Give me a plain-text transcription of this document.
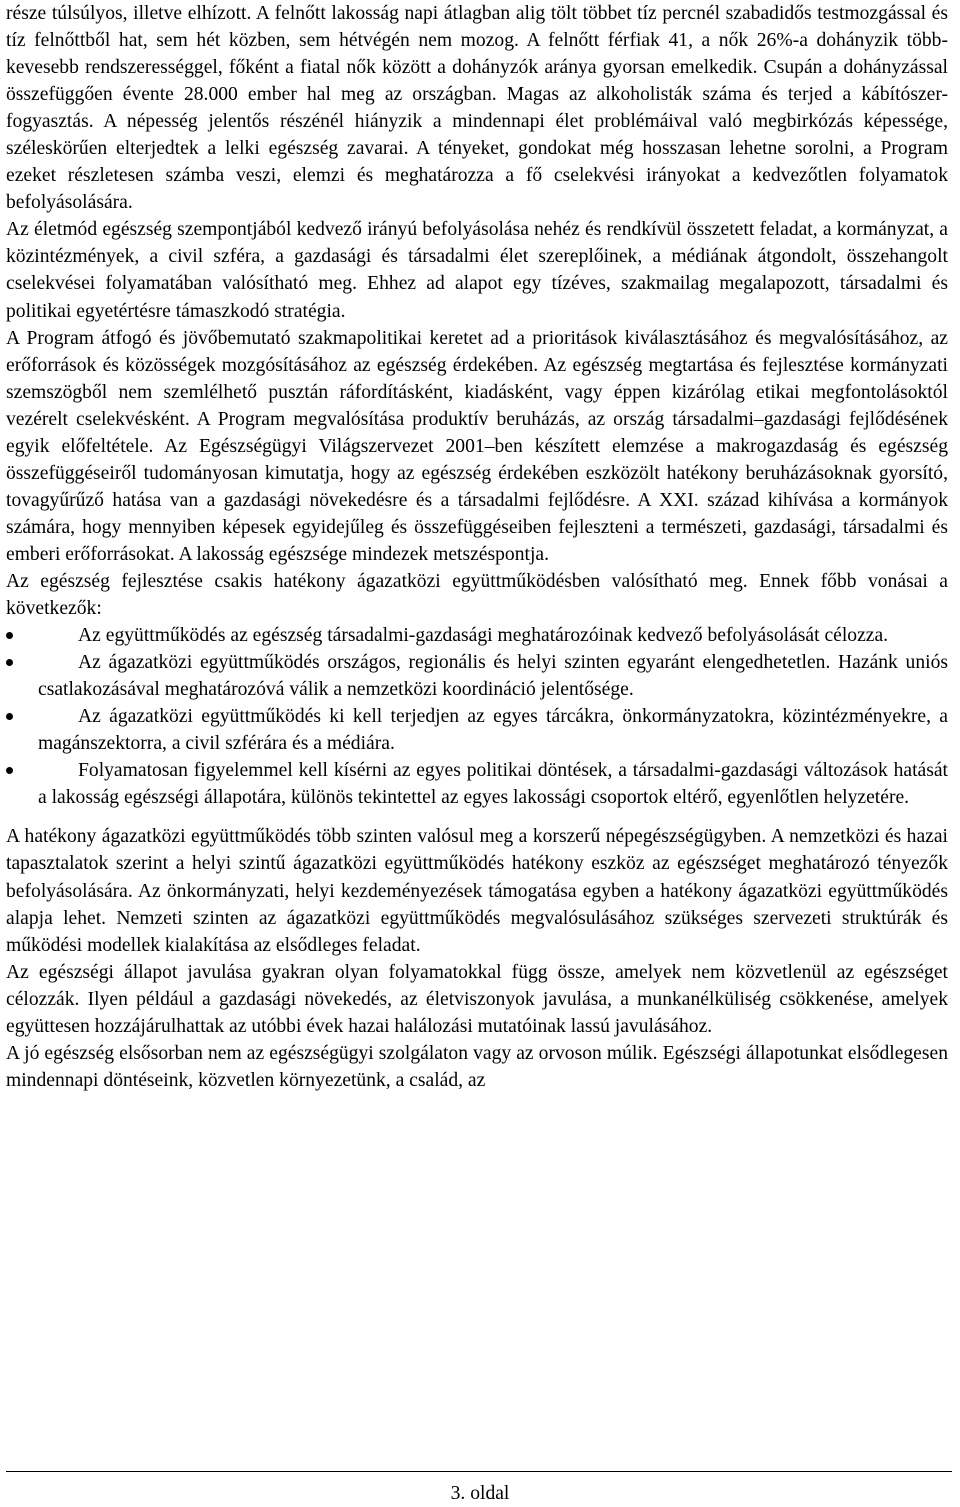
része túlsúlyos, illetve elhízott. A felnőtt lakosság napi átlagban alig tölt többet tíz percnél szabadidős testmozgással és tíz felnőttből hat, sem hét közben, sem hétvégén nem mozog. A felnőtt férfiak 41, a nők 26%-a dohányzik több-kevesebb rendszerességgel, főként a fiatal nők között a dohányzók aránya gyorsan emelkedik. Csupán a dohányzással összefüggően évente 28.000 ember hal meg az országban. Magas az alkoholisták száma és terjed a kábítószer-fogyasztás. A népesség jelentős részénél hiányzik a mindennapi élet problémáival való megbirkózás képessége, széleskörűen elterjedtek a lelki egészség zavarai. A tényeket, gondokat még hosszasan lehetne sorolni, a Program ezeket részletesen számba veszi, elemzi és meghatározza a fő cselekvési irányokat a kedvezőtlen folyamatok befolyásolására.

Az életmód egészség szempontjából kedvező irányú befolyásolása nehéz és rendkívül összetett feladat, a kormányzat, a közintézmények, a civil szféra, a gazdasági és társadalmi élet szereplőinek, a médiának átgondolt, összehangolt cselekvései folyamatában valósítható meg. Ehhez ad alapot egy tízéves, szakmailag megalapozott, társadalmi és politikai egyetértésre támaszkodó stratégia.

A Program átfogó és jövőbemutató szakmapolitikai keretet ad a prioritások kiválasztásához és megvalósításához, az erőforrások és közösségek mozgósításához az egészség érdekében. Az egészség megtartása és fejlesztése kormányzati szemszögből nem szemlélhető pusztán ráfordításként, kiadásként, vagy éppen kizárólag etikai megfontolásoktól vezérelt cselekvésként. A Program megvalósítása produktív beruházás, az ország társadalmi–gazdasági fejlődésének egyik előfeltétele. Az Egészségügyi Világszervezet 2001–ben készített elemzése a makrogazdaság és egészség összefüggéseiről tudományosan kimutatja, hogy az egészség érdekében eszközölt hatékony beruházásoknak gyorsító, tovagyűrűző hatása van a gazdasági növekedésre és a társadalmi fejlődésre. A XXI. század kihívása a kormányok számára, hogy mennyiben képesek egyidejűleg és összefüggéseiben fejleszteni a természeti, gazdasági, társadalmi és emberi erőforrásokat. A lakosság egészsége mindezek metszéspontja.

Az egészség fejlesztése csakis hatékony ágazatközi együttműködésben valósítható meg. Ennek főbb vonásai a következők:

Az együttműködés az egészség társadalmi-gazdasági meghatározóinak kedvező befolyásolását célozza.
Az ágazatközi együttműködés országos, regionális és helyi szinten egyaránt elengedhetetlen. Hazánk uniós csatlakozásával meghatározóvá válik a nemzetközi koordináció jelentősége.
Az ágazatközi együttműködés ki kell terjedjen az egyes tárcákra, önkormányzatokra, közintézményekre, a magánszektorra, a civil szférára és a médiára.
Folyamatosan figyelemmel kell kísérni az egyes politikai döntések, a társadalmi-gazdasági változások hatását a lakosság egészségi állapotára, különös tekintettel az egyes lakossági csoportok eltérő, egyenlőtlen helyzetére.

A hatékony ágazatközi együttműködés több szinten valósul meg a korszerű népegészségügyben. A nemzetközi és hazai tapasztalatok szerint a helyi szintű ágazatközi együttműködés hatékony eszköz az egészséget meghatározó tényezők befolyásolására. Az önkormányzati, helyi kezdeményezések támogatása egyben a hatékony ágazatközi együttműködés alapja lehet. Nemzeti szinten az ágazatközi együttműködés megvalósulásához szükséges szervezeti struktúrák és működési modellek kialakítása az elsődleges feladat.

Az egészségi állapot javulása gyakran olyan folyamatokkal függ össze, amelyek nem közvetlenül az egészséget célozzák. Ilyen például a gazdasági növekedés, az életviszonyok javulása, a munkanélküliség csökkenése, amelyek együttesen hozzájárulhattak az utóbbi évek hazai halálozási mutatóinak lassú javulásához.

A jó egészség elsősorban nem az egészségügyi szolgálaton vagy az orvoson múlik. Egészségi állapotunkat elsődlegesen mindennapi döntéseink, közvetlen környezetünk, a család, az

3. oldal
